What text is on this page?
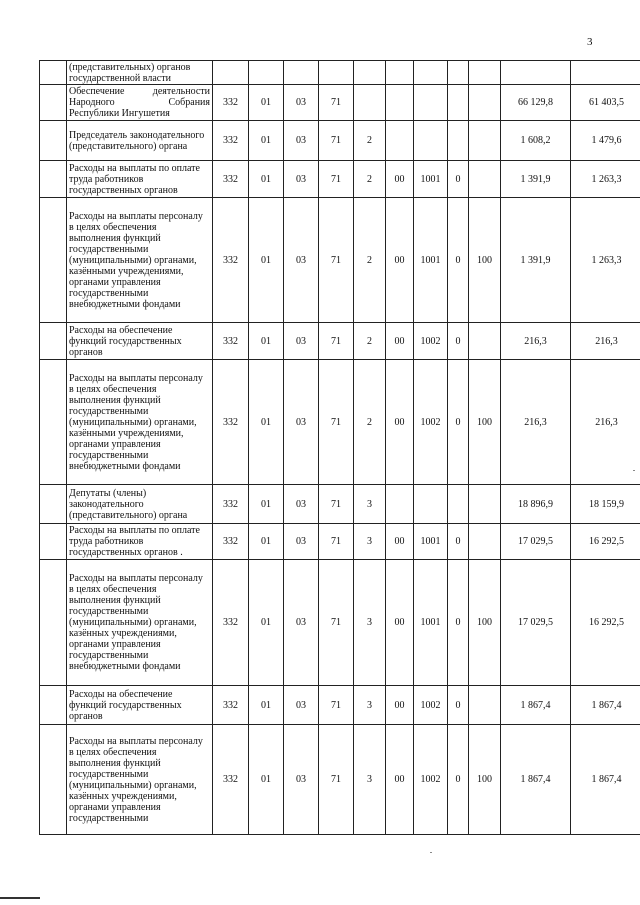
3
	(представительных) органов государственной власти											
	Обеспечение деятельности Народного Собрания Республики Ингушетия	332	01	03	71						66 129,8	61 403,5
	Председатель законодательного (представительного) органа	332	01	03	71	2					1 608,2	1 479,6
	Расходы на выплаты по оплате труда работников государственных органов	332	01	03	71	2	00	1001	0		1 391,9	1 263,3
	Расходы на выплаты персоналу в целях обеспечения выполнения функций государственными (муниципальными) органами, казёнными учреждениями, органами управления государственными внебюджетными фондами	332	01	03	71	2	00	1001	0	100	1 391,9	1 263,3
	Расходы на обеспечение функций государственных органов	332	01	03	71	2	00	1002	0		216,3	216,3
	Расходы на выплаты персоналу в целях обеспечения выполнения функций государственными (муниципальными) органами, казёнными учреждениями, органами управления государственными внебюджетными фондами	332	01	03	71	2	00	1002	0	100	216,3	216,3
	Депутаты (члены) законодательного (представительного) органа	332	01	03	71	3					18 896,9	18 159,9
	Расходы на выплаты по оплате труда работников государственных органов .	332	01	03	71	3	00	1001	0		17 029,5	16 292,5
	Расходы на выплаты персоналу в целях обеспечения выполнения функций государственными (муниципальными) органами, казённых учреждениями, органами управления государственными внебюджетными фондами	332	01	03	71	3	00	1001	0	100	17 029,5	16 292,5
	Расходы на обеспечение функций государственных органов	332	01	03	71	3	00	1002	0		1 867,4	1 867,4
	Расходы на выплаты персоналу в целях обеспечения выполнения функций государственными (муниципальными) органами, казённых учреждениями, органами управления государственными	332	01	03	71	3	00	1002	0	100	1 867,4	1 867,4
